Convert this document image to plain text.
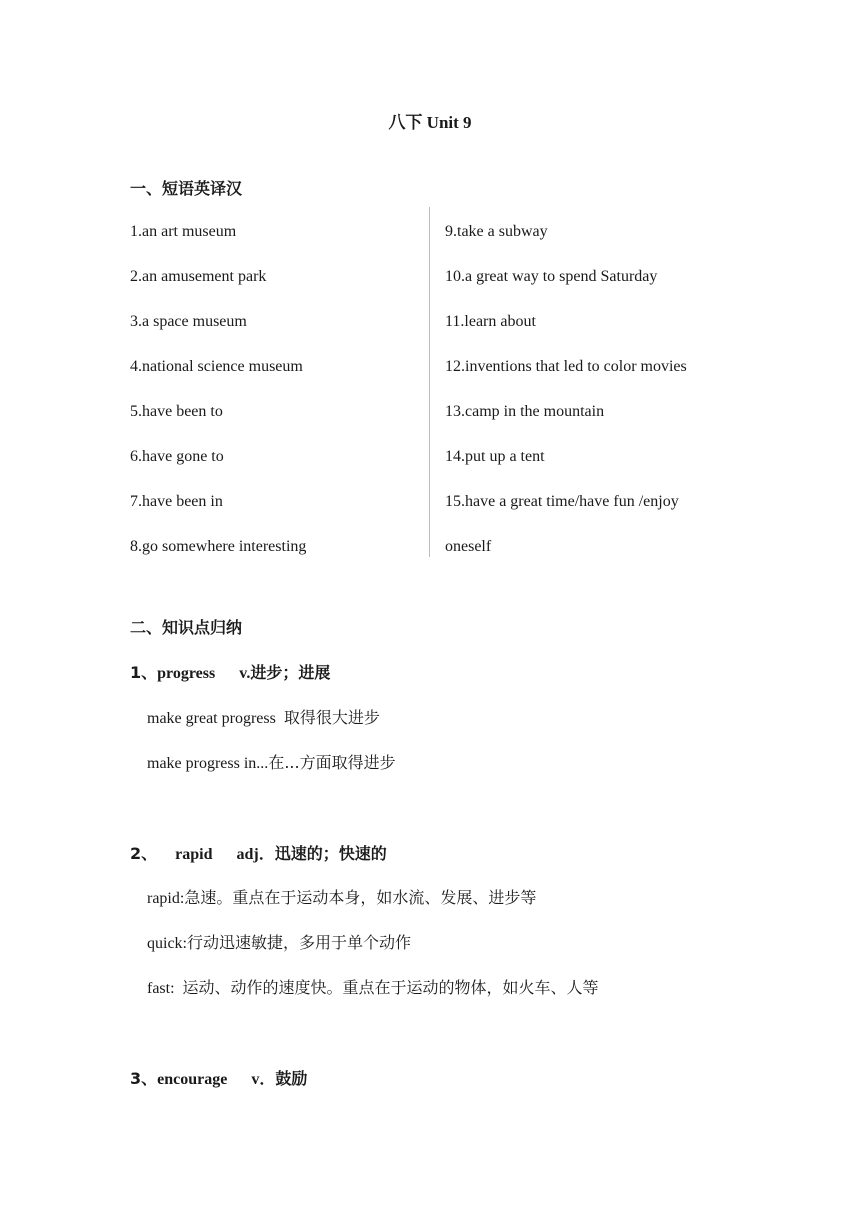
八下 Unit 9
一、短语英译汉
1.an art museum
2.an amusement park
3.a space museum
4.national science museum
5.have been to
6.have gone to
7.have been in
8.go somewhere interesting
9.take a subway
10.a great way to spend Saturday
11.learn about
12.inventions that led to color movies
13.camp in the mountain
14.put up a tent
15.have a great time/have fun /enjoy
oneself
二、知识点归纳
1、progress v.进步；进展
make great progress 取得很大进步
make progress in...在...方面取得进步
2、 rapid adj．迅速的；快速的
rapid:急速。重点在于运动本身，如水流、发展、进步等
quick:行动迅速敏捷，多用于单个动作
fast: 运动、动作的速度快。重点在于运动的物体，如火车、人等
3、encourage v．鼓励
